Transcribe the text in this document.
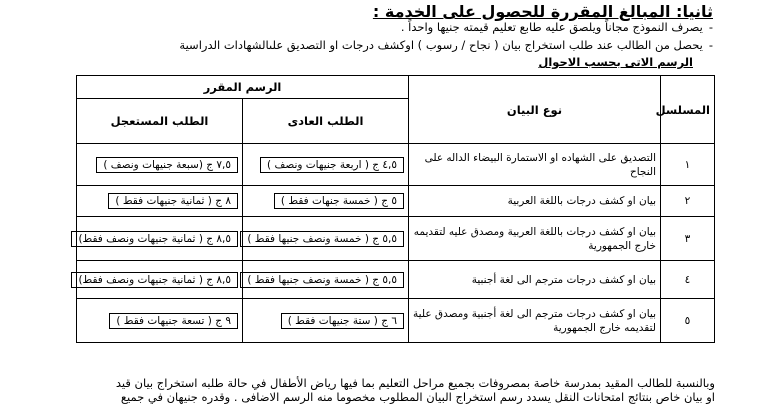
ثانيا: المبالغ المقررة للحصول على الخدمة :
-يصرف النموذج مجاناً ويلصق عليه طابع تعليم قيمته جنيها واحداً .
-يحصل من الطالب عند طلب استخراج بيان ( نجاح / رسوب ) اوكشف درجات او التصديق علىالشهادات الدراسية
الرسم الاتى بحسب الاحوال
المسلسل	نوع البيان	الرسم المقرر	
		الطلب العادى	الطلب المستعجل
١	التصديق على الشهاده او الاستمارة البيضاء الداله على النجاح	٤,٥ ج ( اربعة جنيهات ونصف )	٧,٥ ج (سبعة جنيهات ونصف )
٢	بيان او كشف درجات باللغة العربية	٥ ج ( خمسة جنهات فقط )	٨ ج ( ثمانية جنيهات فقط )
٣	بيان او كشف درجات باللغة العربية ومصدق عليه لتقديمه خارج الجمهورية	٥,٥ ج ( خمسة ونصف جنيها فقط )	٨,٥ ج ( ثمانية جنيهات ونصف فقط)
٤	بيان او كشف درجات مترجم الى لغة أجنبية	٥,٥ ج ( خمسة ونصف جنيها فقط )	٨,٥ ج ( ثمانية جنيهات ونصف فقط)
٥	بيان او كشف درجات مترجم الى لغة أجنبية ومصدق علية لتقديمه خارج الجمهورية	٦ ج ( ستة جنيهات فقط )	٩ ج ( تسعة جنيهات فقط )
وبالنسبة للطالب المقيد بمدرسة خاصة بمصروفات بجميع مراحل التعليم بما فيها رياض الأطفال في حالة طلبه استخراج بيان قيد
او بيان خاص بنتائج امتحانات النقل يسدد رسم استخراج البيان المطلوب مخصوما منه الرسم الاضافى . وقدره جنيهان في جميع
